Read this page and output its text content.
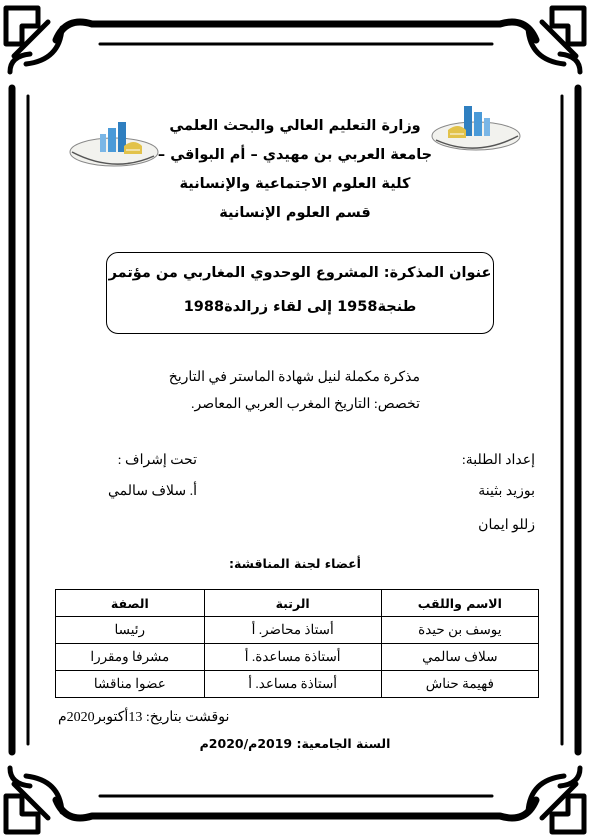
وزارة التعليم العالي والبحث العلمي
جامعة العربي بن مهيدي – أم البواقي –
كلية العلوم الاجتماعية والإنسانية
قسم العلوم الإنسانية
عنوان المذكرة: المشروع الوحدوي المغاربي من مؤتمر
طنجة1958 إلى لقاء زرالدة1988
مذكرة مكملة لنيل شهادة الماستر في التاريخ
تخصص: التاريخ المغرب العربي المعاصر.
إعداد الطلبة:
بوزيد بثينة
زللو ايمان
تحت إشراف :
أ. سلاف سالمي
أعضاء لجنة المناقشة:
الاسم واللقب	الرتبة	الصفة
يوسف بن حيدة	أستاذ محاضر. أ	رئيسا
سلاف سالمي	أستاذة مساعدة. أ	مشرفا ومقررا
فهيمة حناش	أستاذة مساعد. أ	عضوا مناقشا
نوقشت بتاريخ: 13أكتوبر2020م
السنة الجامعية: 2019م/2020م
